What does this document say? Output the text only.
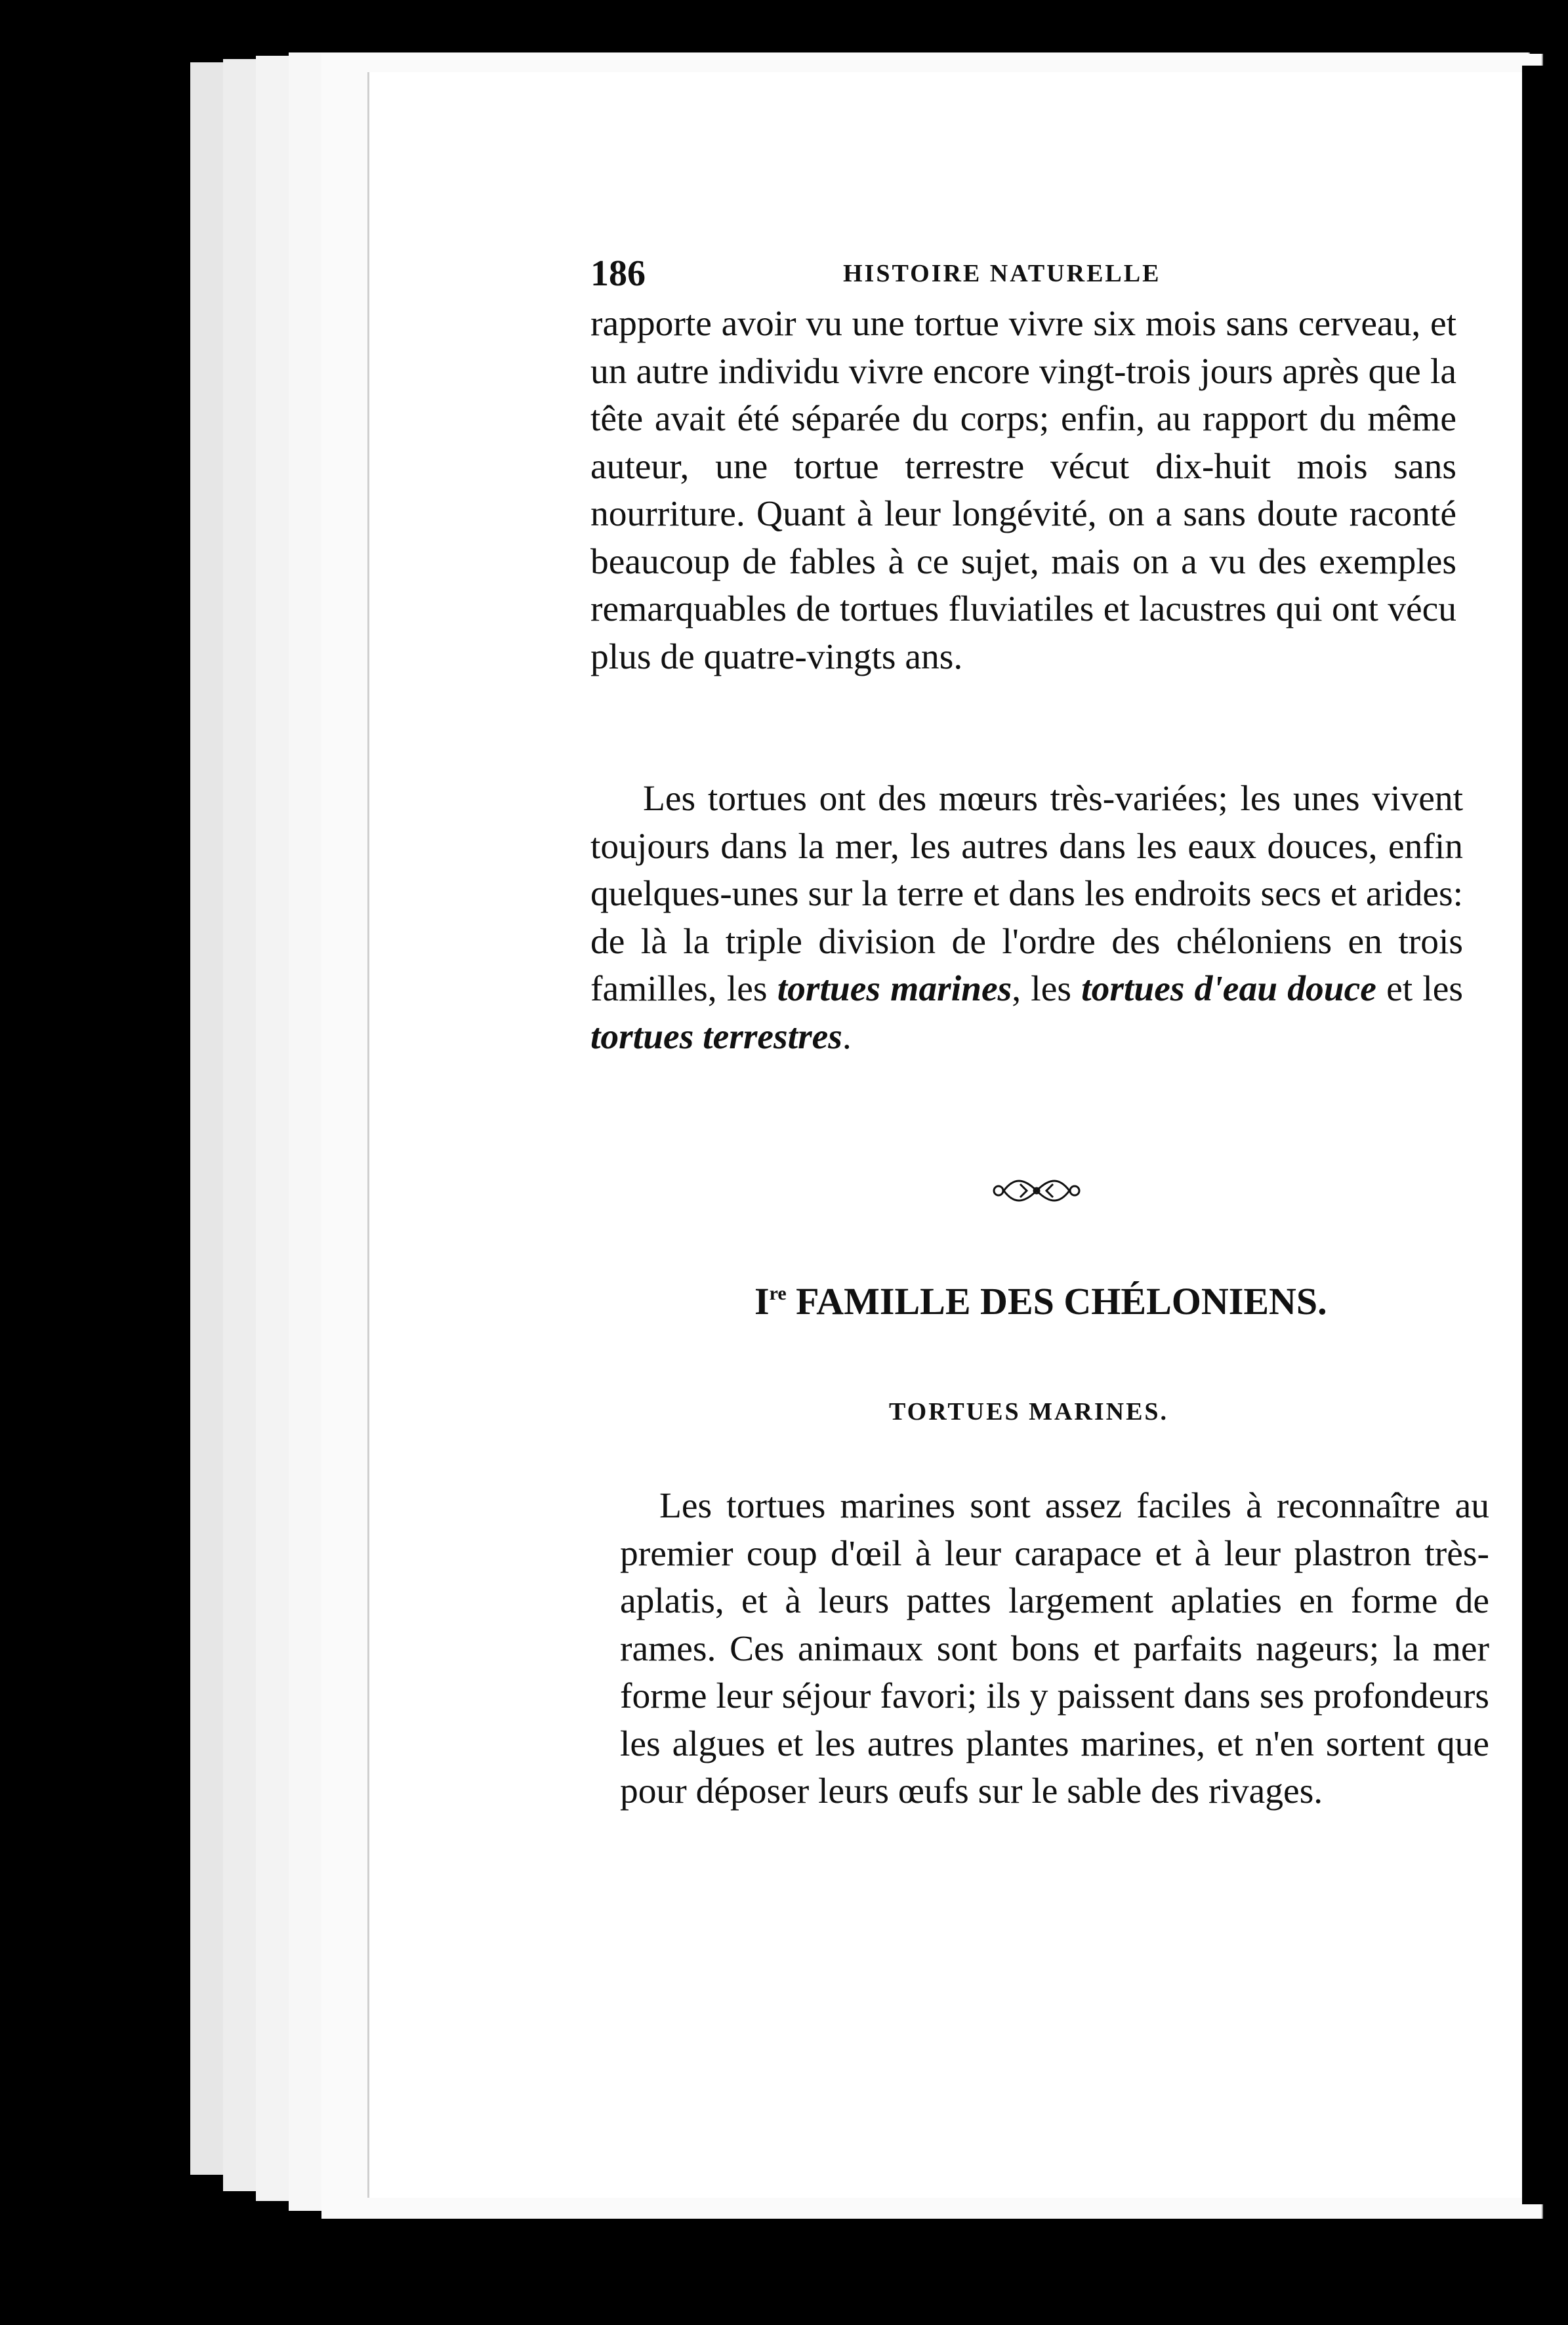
186	HISTOIRE NATURELLE

rapporte avoir vu une tortue vivre six mois sans cerveau, et un autre individu vivre encore vingt-trois jours après que la tête avait été séparée du corps; enfin, au rapport du même auteur, une tortue terrestre vécut dix-huit mois sans nourriture. Quant à leur longévité, on a sans doute raconté beaucoup de fables à ce sujet, mais on a vu des exemples remarquables de tortues fluviatiles et lacustres qui ont vécu plus de quatre-vingts ans.

Les tortues ont des mœurs très-variées; les unes vivent toujours dans la mer, les autres dans les eaux douces, enfin quelques-unes sur la terre et dans les endroits secs et arides: de là la triple division de l'ordre des chéloniens en trois familles, les tortues marines, les tortues d'eau douce et les tortues terrestres.

Ire FAMILLE DES CHÉLONIENS.
TORTUES MARINES.

Les tortues marines sont assez faciles à reconnaître au premier coup d'œil à leur carapace et à leur plastron très-aplatis, et à leurs pattes largement aplaties en forme de rames. Ces animaux sont bons et parfaits nageurs; la mer forme leur séjour favori; ils y paissent dans ses profondeurs les algues et les autres plantes marines, et n'en sortent que pour déposer leurs œufs sur le sable des rivages.
